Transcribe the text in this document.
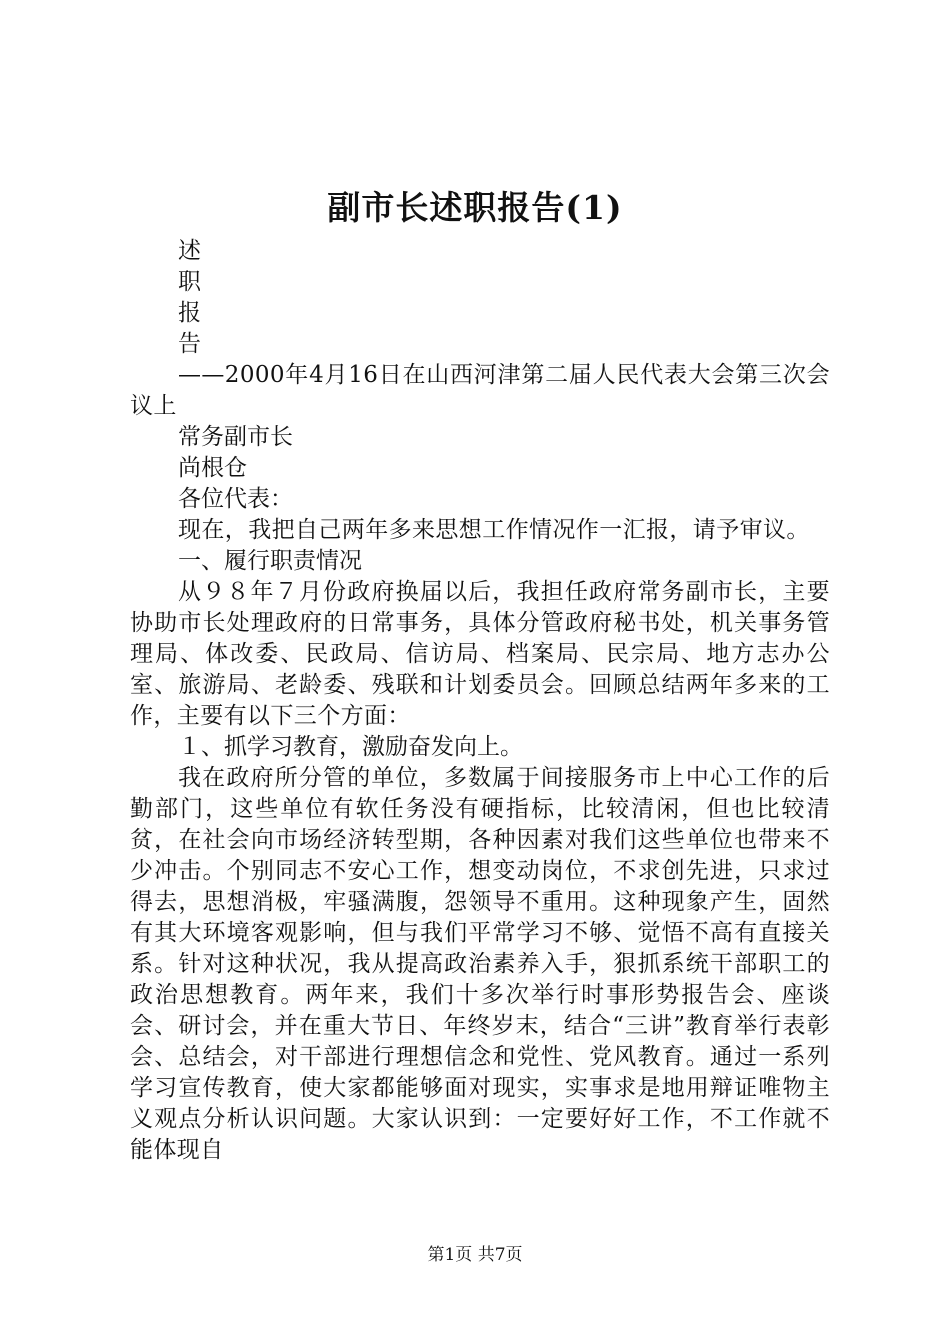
副市长述职报告(1)
述
职
报
告
——2000年4月16日在山西河津第二届人民代表大会第三次会议上
常务副市长
尚根仓
各位代表：
现在，我把自己两年多来思想工作情况作一汇报，请予审议。
一、履行职责情况
从９８年７月份政府换届以后，我担任政府常务副市长，主要协助市长处理政府的日常事务，具体分管政府秘书处，机关事务管理局、体改委、民政局、信访局、档案局、民宗局、地方志办公室、旅游局、老龄委、残联和计划委员会。回顾总结两年多来的工作，主要有以下三个方面：
１、抓学习教育，激励奋发向上。
我在政府所分管的单位，多数属于间接服务市上中心工作的后勤部门，这些单位有软任务没有硬指标，比较清闲，但也比较清贫，在社会向市场经济转型期，各种因素对我们这些单位也带来不少冲击。个别同志不安心工作，想变动岗位，不求创先进，只求过得去，思想消极，牢骚满腹，怨领导不重用。这种现象产生，固然有其大环境客观影响，但与我们平常学习不够、觉悟不高有直接关系。针对这种状况，我从提高政治素养入手，狠抓系统干部职工的政治思想教育。两年来，我们十多次举行时事形势报告会、座谈会、研讨会，并在重大节日、年终岁末，结合“三讲”教育举行表彰会、总结会，对干部进行理想信念和党性、党风教育。通过一系列学习宣传教育，使大家都能够面对现实，实事求是地用辩证唯物主义观点分析认识问题。大家认识到：一定要好好工作，不工作就不能体现自
第1页 共7页
